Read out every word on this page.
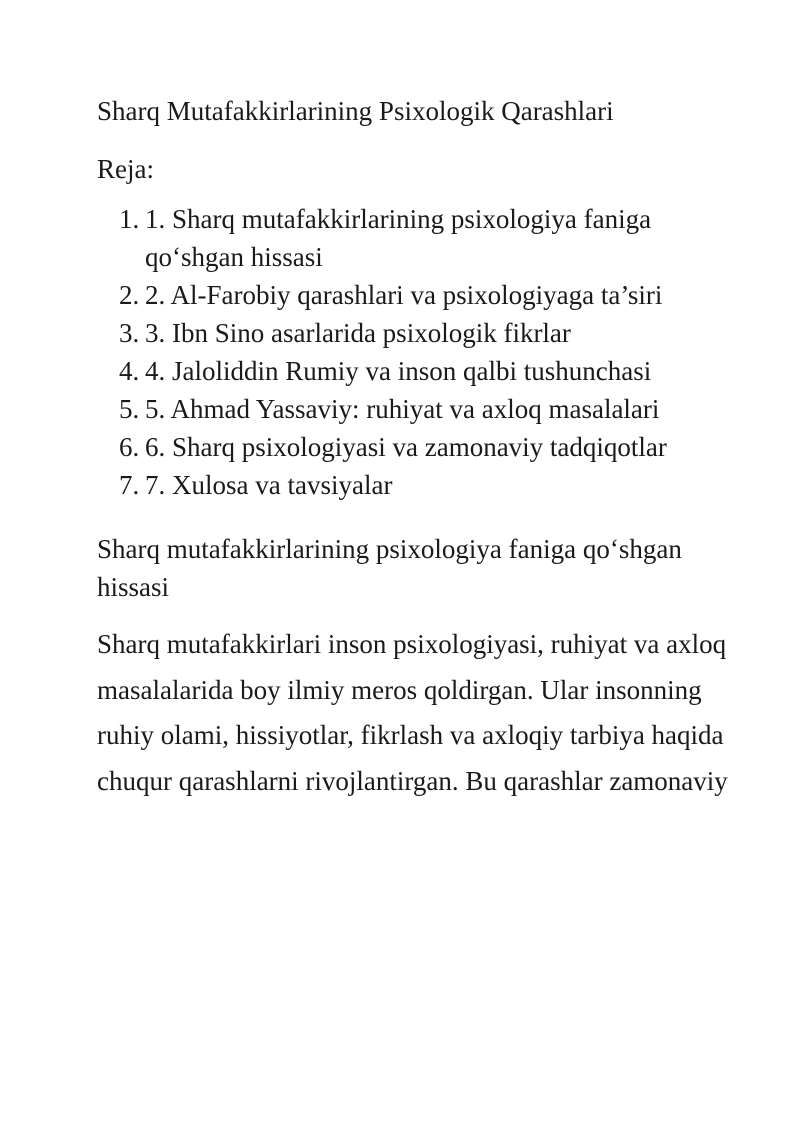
Sharq Mutafakkirlarining Psixologik Qarashlari

Reja:

1. 1. Sharq mutafakkirlarining psixologiya faniga qo‘shgan hissasi
2. 2. Al-Farobiy qarashlari va psixologiyaga ta’siri
3. 3. Ibn Sino asarlarida psixologik fikrlar
4. 4. Jaloliddin Rumiy va inson qalbi tushunchasi
5. 5. Ahmad Yassaviy: ruhiyat va axloq masalalari
6. 6. Sharq psixologiyasi va zamonaviy tadqiqotlar
7. 7. Xulosa va tavsiyalar

Sharq mutafakkirlarining psixologiya faniga qo‘shgan hissasi

Sharq mutafakkirlari inson psixologiyasi, ruhiyat va axloq masalalarida boy ilmiy meros qoldirgan. Ular insonning ruhiy olami, hissiyotlar, fikrlash va axloqiy tarbiya haqida chuqur qarashlarni rivojlantirgan. Bu qarashlar zamonaviy
